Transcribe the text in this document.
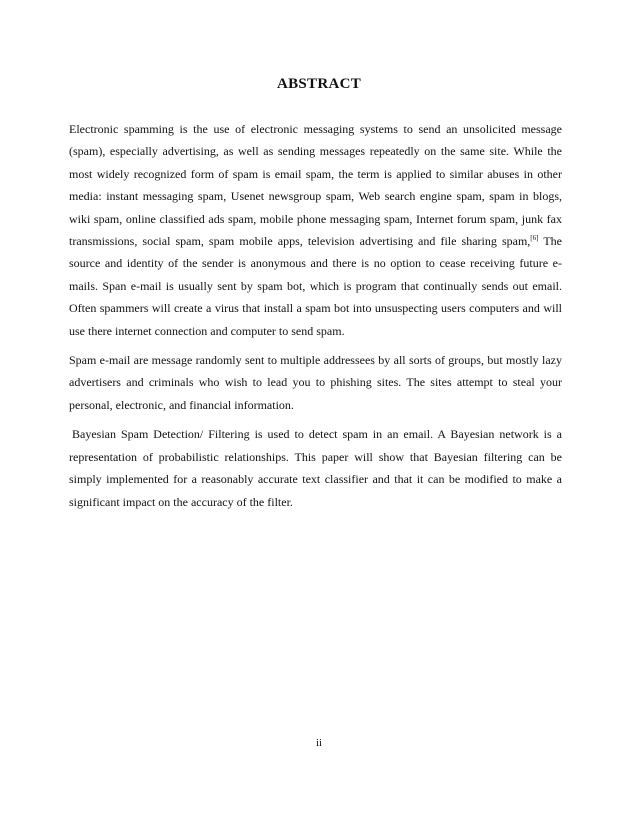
ABSTRACT

Electronic spamming is the use of electronic messaging systems to send an unsolicited message (spam), especially advertising, as well as sending messages repeatedly on the same site. While the most widely recognized form of spam is email spam, the term is applied to similar abuses in other media: instant messaging spam, Usenet newsgroup spam, Web search engine spam, spam in blogs, wiki spam, online classified ads spam, mobile phone messaging spam, Internet forum spam, junk fax transmissions, social spam, spam mobile apps, television advertising and file sharing spam,[6] The source and identity of the sender is anonymous and there is no option to cease receiving future e-mails. Span e-mail is usually sent by spam bot, which is program that continually sends out email. Often spammers will create a virus that install a spam bot into unsuspecting users computers and will use there internet connection and computer to send spam.

Spam e-mail are message randomly sent to multiple addressees by all sorts of groups, but mostly lazy advertisers and criminals who wish to lead you to phishing sites. The sites attempt to steal your personal, electronic, and financial information.

Bayesian Spam Detection/ Filtering is used to detect spam in an email. A Bayesian network is a representation of probabilistic relationships. This paper will show that Bayesian filtering can be simply implemented for a reasonably accurate text classifier and that it can be modified to make a significant impact on the accuracy of the filter.

ii
